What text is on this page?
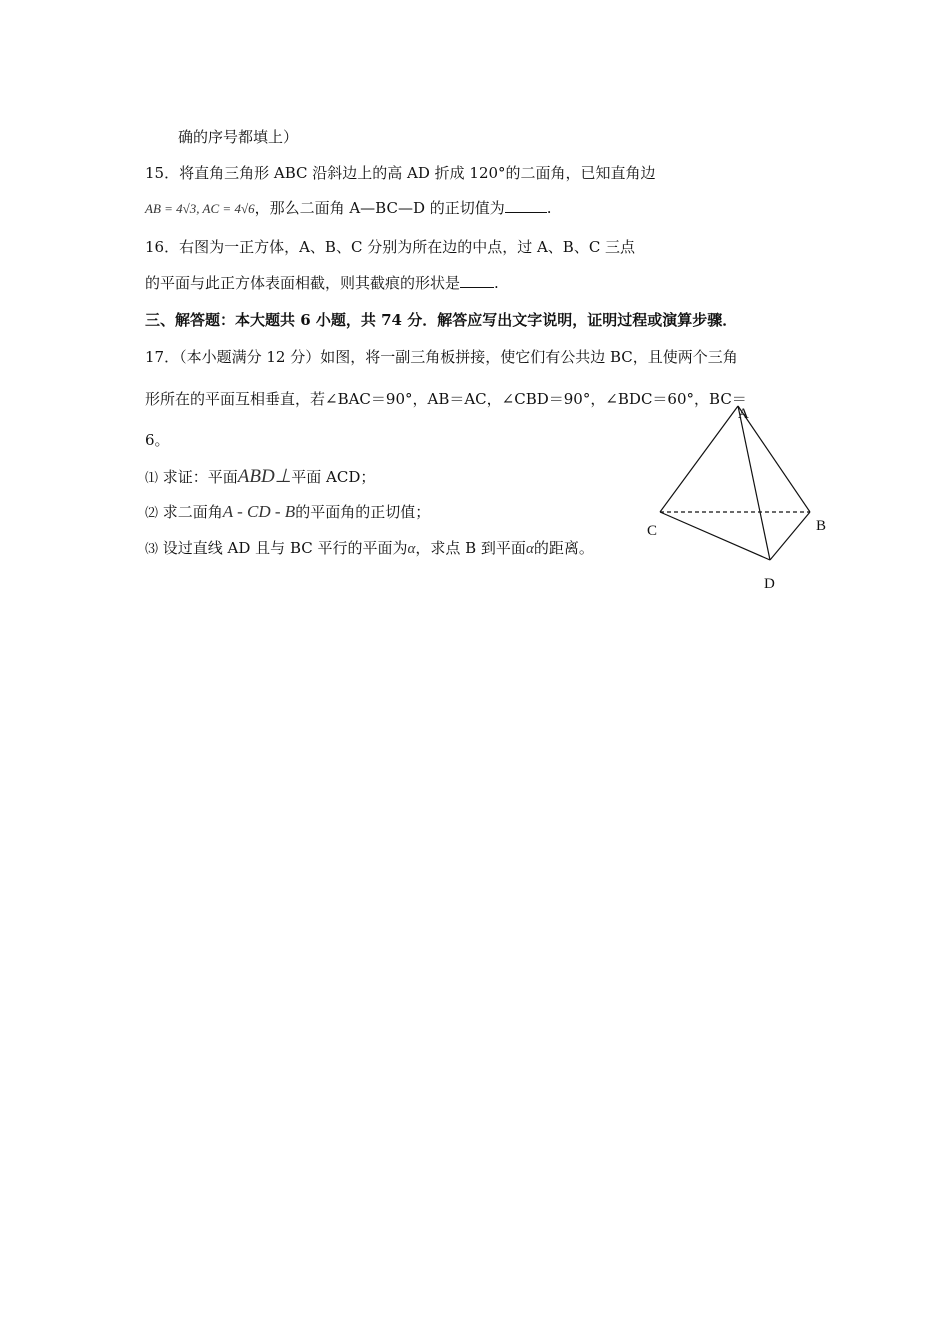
确的序号都填上）
15．将直角三角形 ABC 沿斜边上的高 AD 折成 120°的二面角，已知直角边
AB = 4√3, AC = 4√6，那么二面角 A—BC—D 的正切值为	.
16．右图为一正方体，A、B、C 分别为所在边的中点，过 A、B、C 三点
的平面与此正方体表面相截，则其截痕的形状是 .
三、解答题：本大题共 6 小题，共 74 分．解答应写出文字说明，证明过程或演算步骤．
17．（本小题满分 12 分）如图，将一副三角板拼接，使它们有公共边 BC，且使两个三角
形所在的平面互相垂直，若∠BAC＝90°，AB＝AC，∠CBD＝90°，∠BDC＝60°，BC＝
6。
⑴ 求证：平面ABD⊥平面 ACD；
⑵ 求二面角A - CD - B的平面角的正切值；
⑶ 设过直线 AD 且与 BC 平行的平面为α，求点 B 到平面α的距离。
A
B
C
D
